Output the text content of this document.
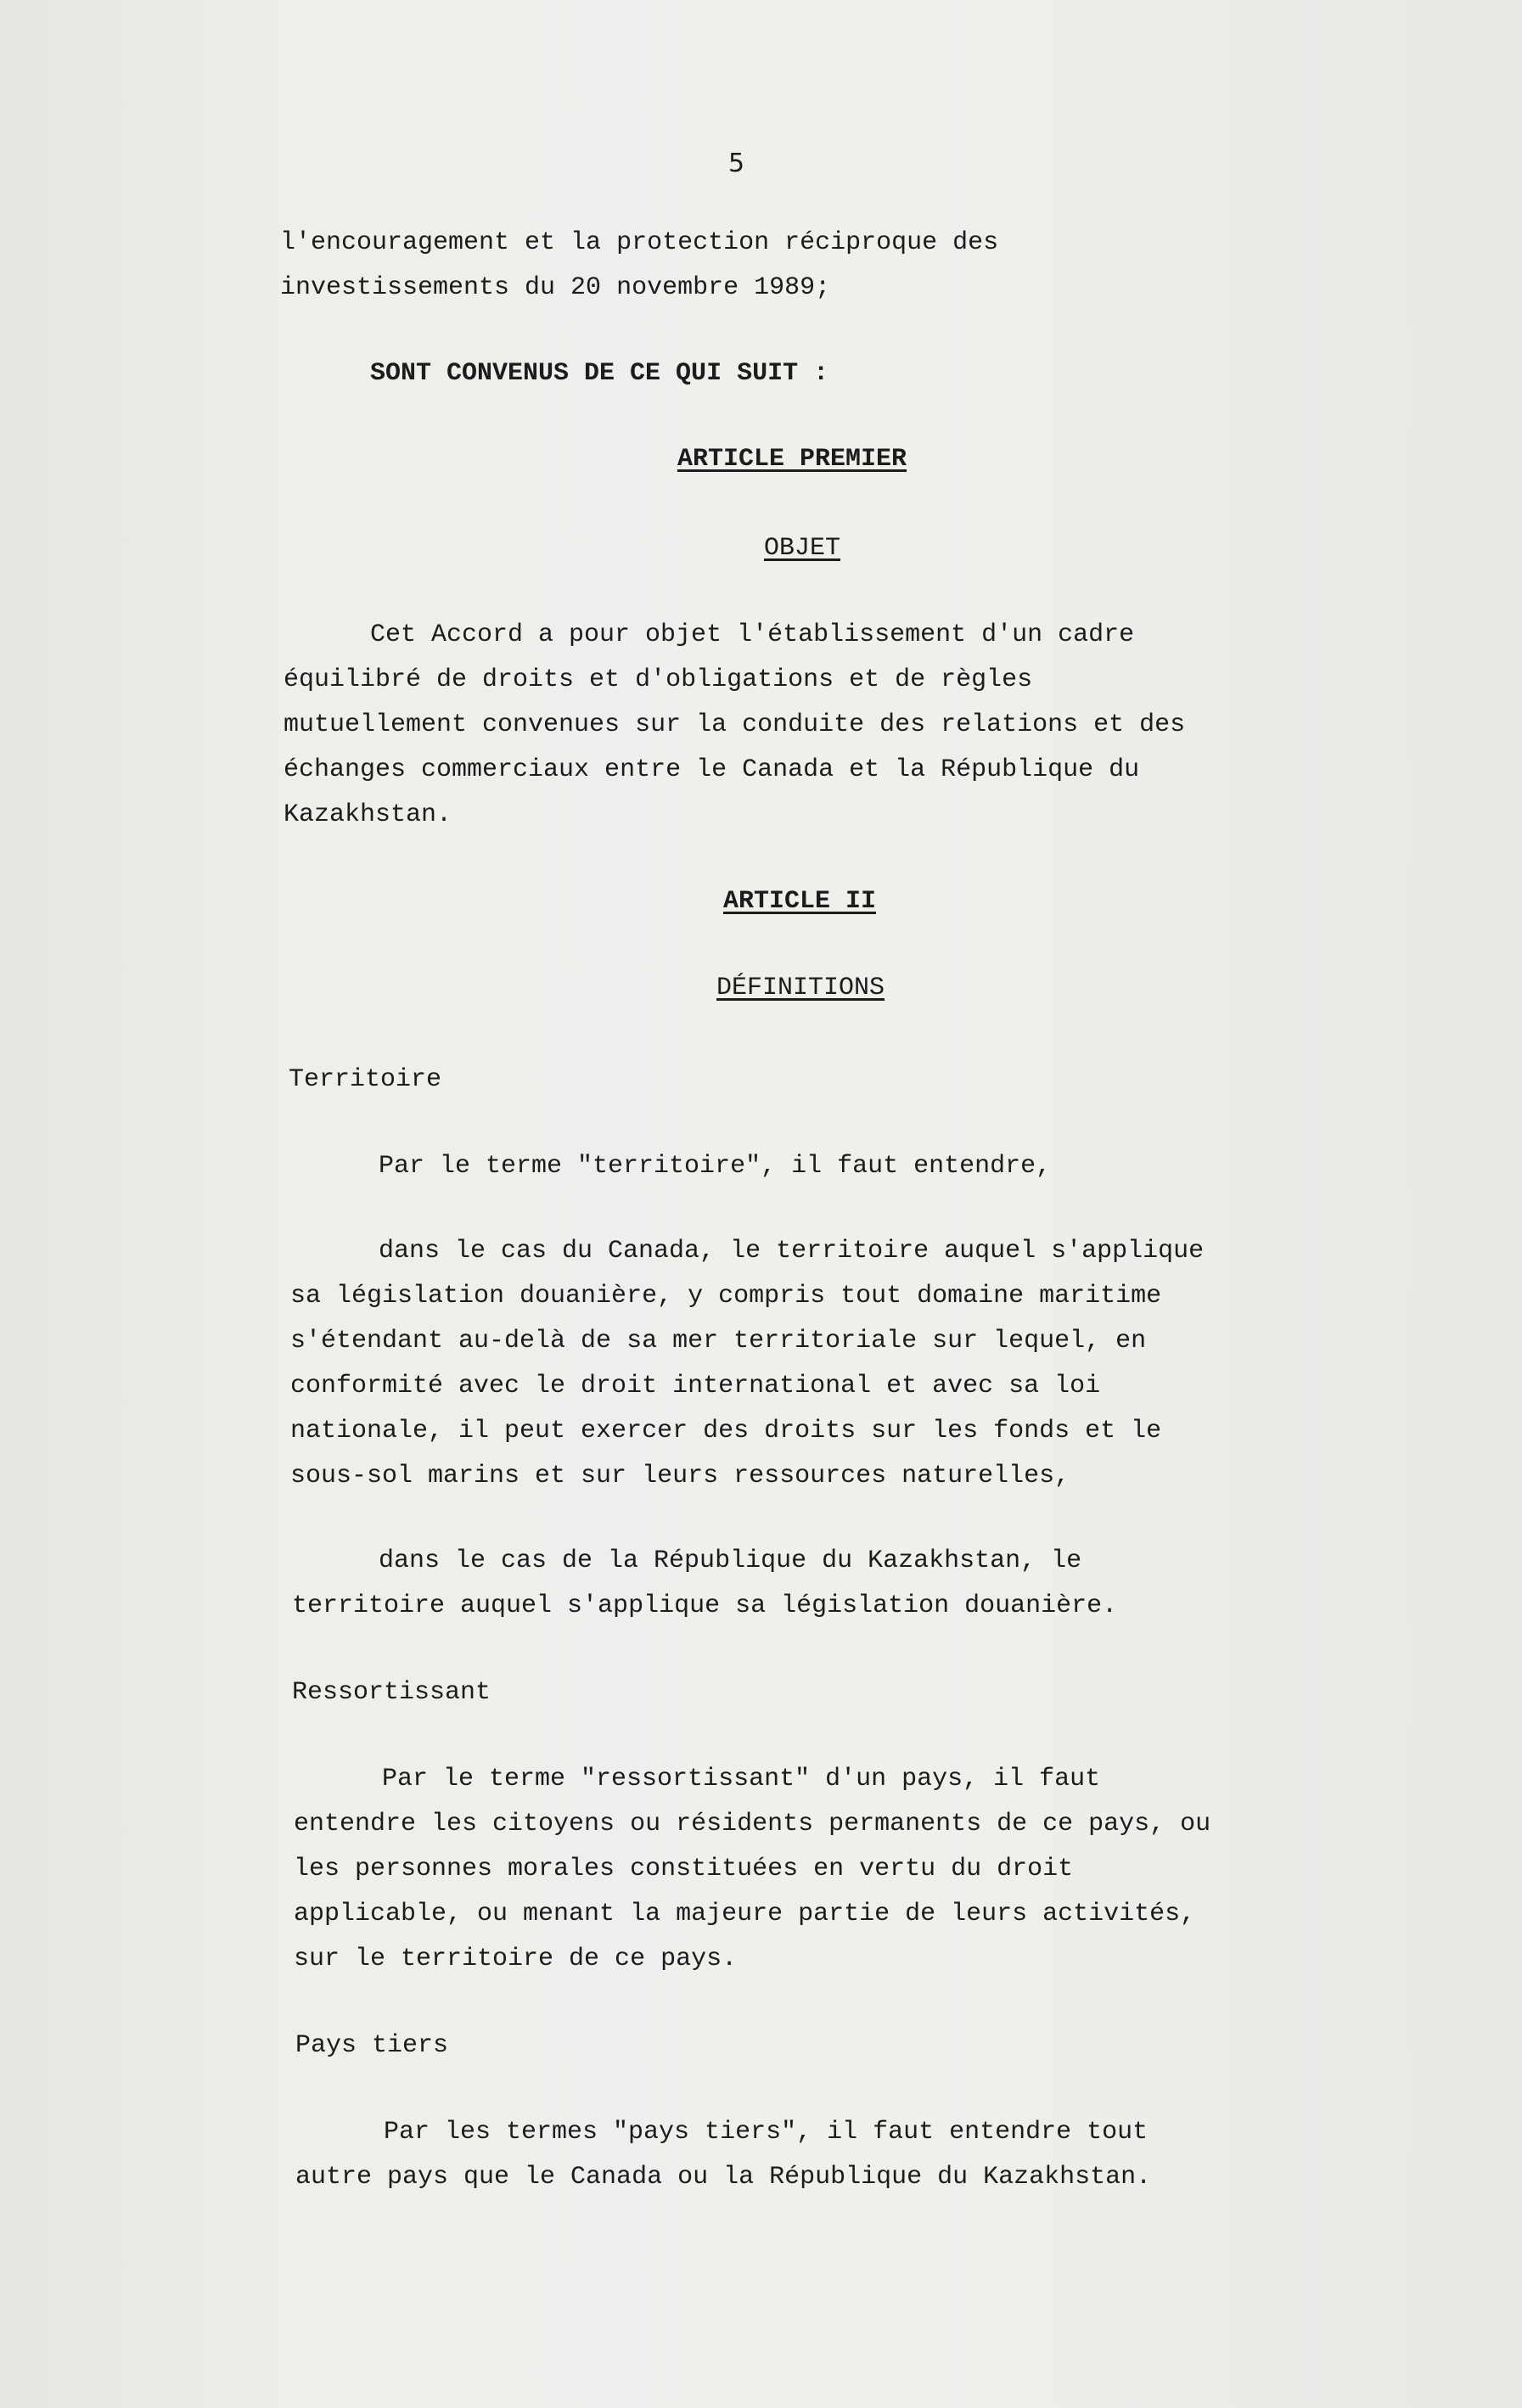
5

l'encouragement et la protection réciproque des

investissements du 20 novembre 1989;

SONT CONVENUS DE CE QUI SUIT :

ARTICLE PREMIER

OBJET

Cet Accord a pour objet l'établissement d'un cadre

équilibré de droits et d'obligations et de règles

mutuellement convenues sur la conduite des relations et des

échanges commerciaux entre le Canada et la République du

Kazakhstan.

ARTICLE II

DÉFINITIONS

Territoire

Par le terme "territoire", il faut entendre,

dans le cas du Canada, le territoire auquel s'applique

sa législation douanière, y compris tout domaine maritime

s'étendant au-delà de sa mer territoriale sur lequel, en

conformité avec le droit international et avec sa loi

nationale, il peut exercer des droits sur les fonds et le

sous-sol marins et sur leurs ressources naturelles,

dans le cas de la République du Kazakhstan, le

territoire auquel s'applique sa législation douanière.

Ressortissant

Par le terme "ressortissant" d'un pays, il faut

entendre les citoyens ou résidents permanents de ce pays, ou

les personnes morales constituées en vertu du droit

applicable, ou menant la majeure partie de leurs activités,

sur le territoire de ce pays.

Pays tiers

Par les termes "pays tiers", il faut entendre tout

autre pays que le Canada ou la République du Kazakhstan.
